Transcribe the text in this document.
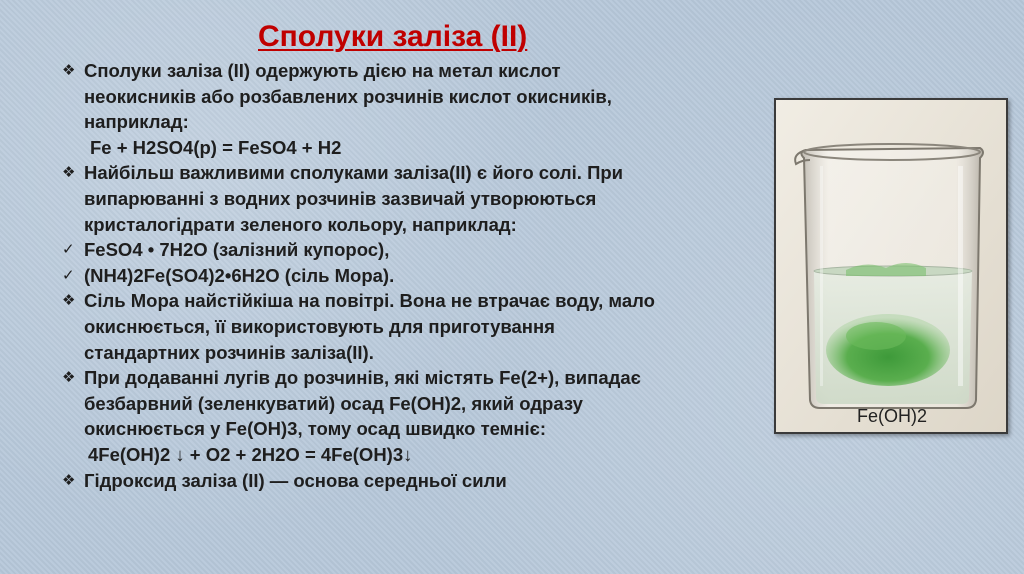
Сполуки заліза (ІІ)
❖ Сполуки заліза (ІІ) одержують дією на метал кислот
неокисників або розбавлених розчинів кислот окисників,
наприклад:
Fe + H2SO4(р) = FeSO4 + H2
❖ Найбільш важливими сполуками заліза(ІІ) є його солі. При
випарюванні з водних розчинів зазвичай утворюються
кристалогідрати зеленого кольору, наприклад:
✓ FeSO4 • 7H2O (залізний купорос),
✓ (NH4)2Fe(SO4)2•6H2O (сіль Мора).
❖ Сіль Мора найстійкіша на повітрі. Вона не втрачає воду, мало
окиснюється, її використовують для приготування
стандартних розчинів заліза(ІІ).
❖ При додаванні лугів до розчинів, які містять Fe(2+), випадає
безбарвний (зеленкуватий) осад Fe(OH)2, який одразу
окиснюється у Fe(OH)3, тому осад швидко темніє:
4Fe(OH)2 ↓ + O2 + 2H2O = 4Fe(OH)3↓
❖ Гідроксид заліза (ІІ) — основа середньої сили
Fe(OH)2
